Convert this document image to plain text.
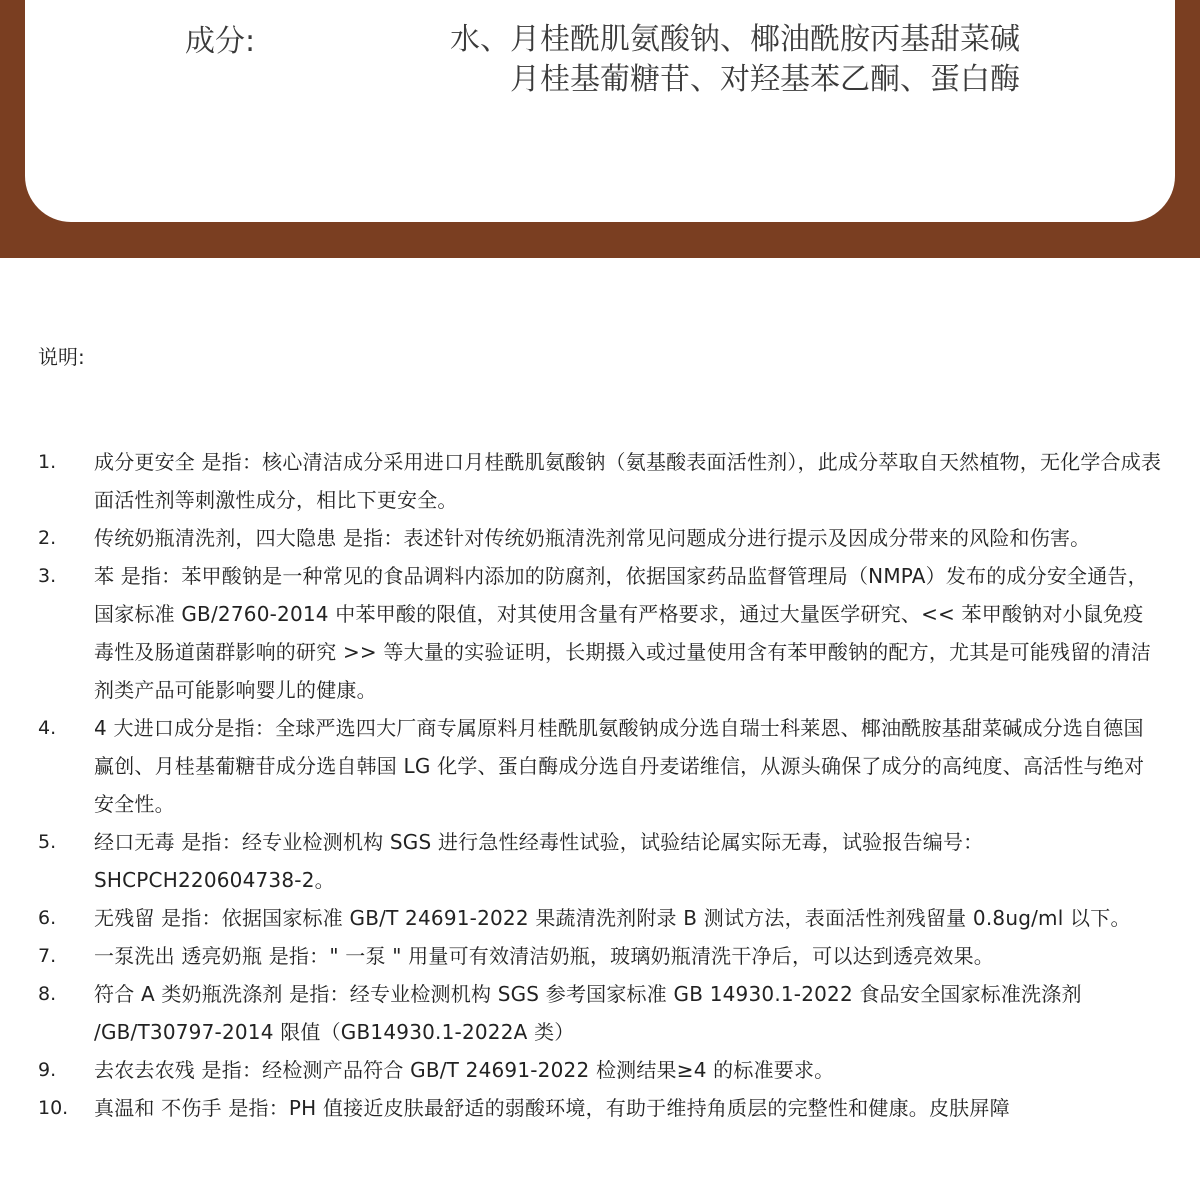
成分:	水、月桂酰肌氨酸钠、椰油酰胺丙基甜菜碱
月桂基葡糖苷、对羟基苯乙酮、蛋白酶
说明:
1. 成分更安全 是指：核心清洁成分采用进口月桂酰肌氨酸钠（氨基酸表面活性剂），此成分萃取自天然植物，无化学合成表面活性剂等刺激性成分，相比下更安全。
2. 传统奶瓶清洗剂，四大隐患 是指：表述针对传统奶瓶清洗剂常见问题成分进行提示及因成分带来的风险和伤害。
3. 苯 是指：苯甲酸钠是一种常见的食品调料内添加的防腐剂，依据国家药品监督管理局（NMPA）发布的成分安全通告，国家标准 GB/2760-2014 中苯甲酸的限值，对其使用含量有严格要求，通过大量医学研究、<< 苯甲酸钠对小鼠免疫毒性及肠道菌群影响的研究 >> 等大量的实验证明，长期摄入或过量使用含有苯甲酸钠的配方，尤其是可能残留的清洁剂类产品可能影响婴儿的健康。
4. 4 大进口成分是指：全球严选四大厂商专属原料月桂酰肌氨酸钠成分选自瑞士科莱恩、椰油酰胺基甜菜碱成分选自德国赢创、月桂基葡糖苷成分选自韩国 LG 化学、蛋白酶成分选自丹麦诺维信，从源头确保了成分的高纯度、高活性与绝对安全性。
5. 经口无毒 是指：经专业检测机构 SGS 进行急性经毒性试验，试验结论属实际无毒，试验报告编号：SHCPCH220604738-2。
6. 无残留 是指：依据国家标准 GB/T 24691-2022 果蔬清洗剂附录 B 测试方法，表面活性剂残留量 0.8ug/ml 以下。
7. 一泵洗出 透亮奶瓶 是指：" 一泵 " 用量可有效清洁奶瓶，玻璃奶瓶清洗干净后，可以达到透亮效果。
8. 符合 A 类奶瓶洗涤剂 是指：经专业检测机构 SGS 参考国家标准 GB 14930.1-2022 食品安全国家标准洗涤剂 /GB/T30797-2014 限值（GB14930.1-2022A 类）
9. 去农去农残 是指：经检测产品符合 GB/T 24691-2022 检测结果≥4 的标准要求。
10. 真温和 不伤手 是指：PH 值接近皮肤最舒适的弱酸环境，有助于维持角质层的完整性和健康。皮肤屏障
